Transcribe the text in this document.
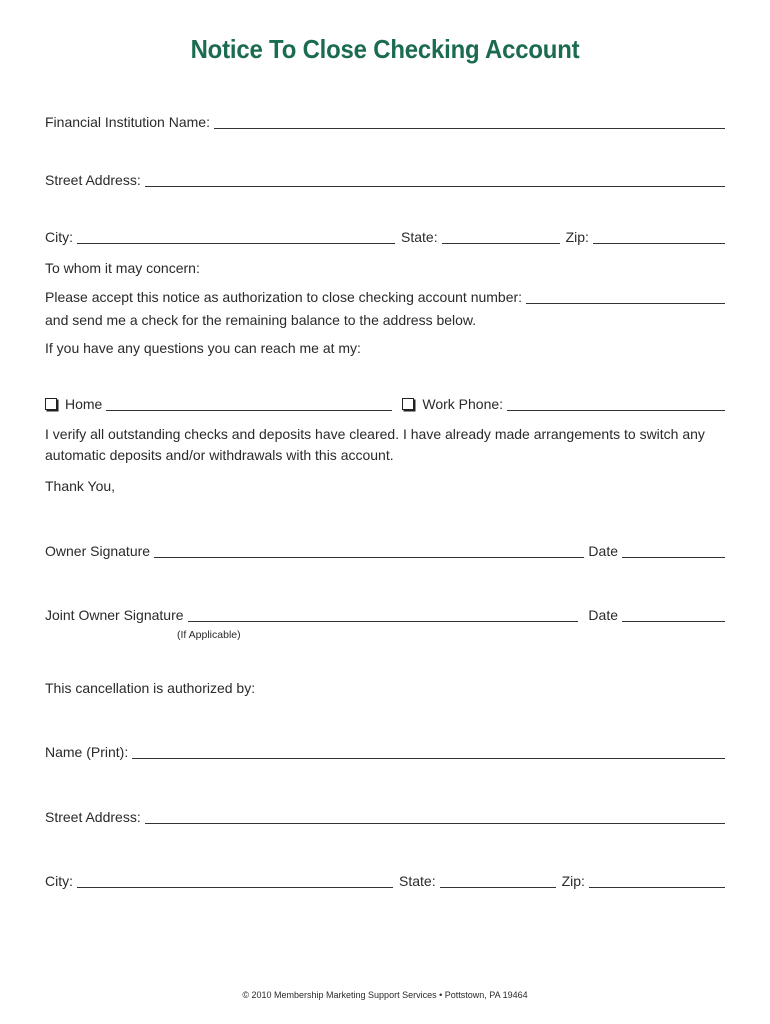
Notice To Close Checking Account
Financial Institution Name:
Street Address:
City:	State:	Zip:
To whom it may concern:
Please accept this notice as authorization to close checking account number:
and send me a check for the remaining balance to the address below.
If you have any questions you can reach me at my:
Home	Work Phone:
I verify all outstanding checks and deposits have cleared. I have already made arrangements to switch any automatic deposits and/or withdrawals with this account.
Thank You,
Owner Signature	Date
Joint Owner Signature	Date
(If Applicable)
This cancellation is authorized by:
Name (Print):
Street Address:
City:	State:	Zip:
© 2010 Membership Marketing Support Services • Pottstown, PA 19464
